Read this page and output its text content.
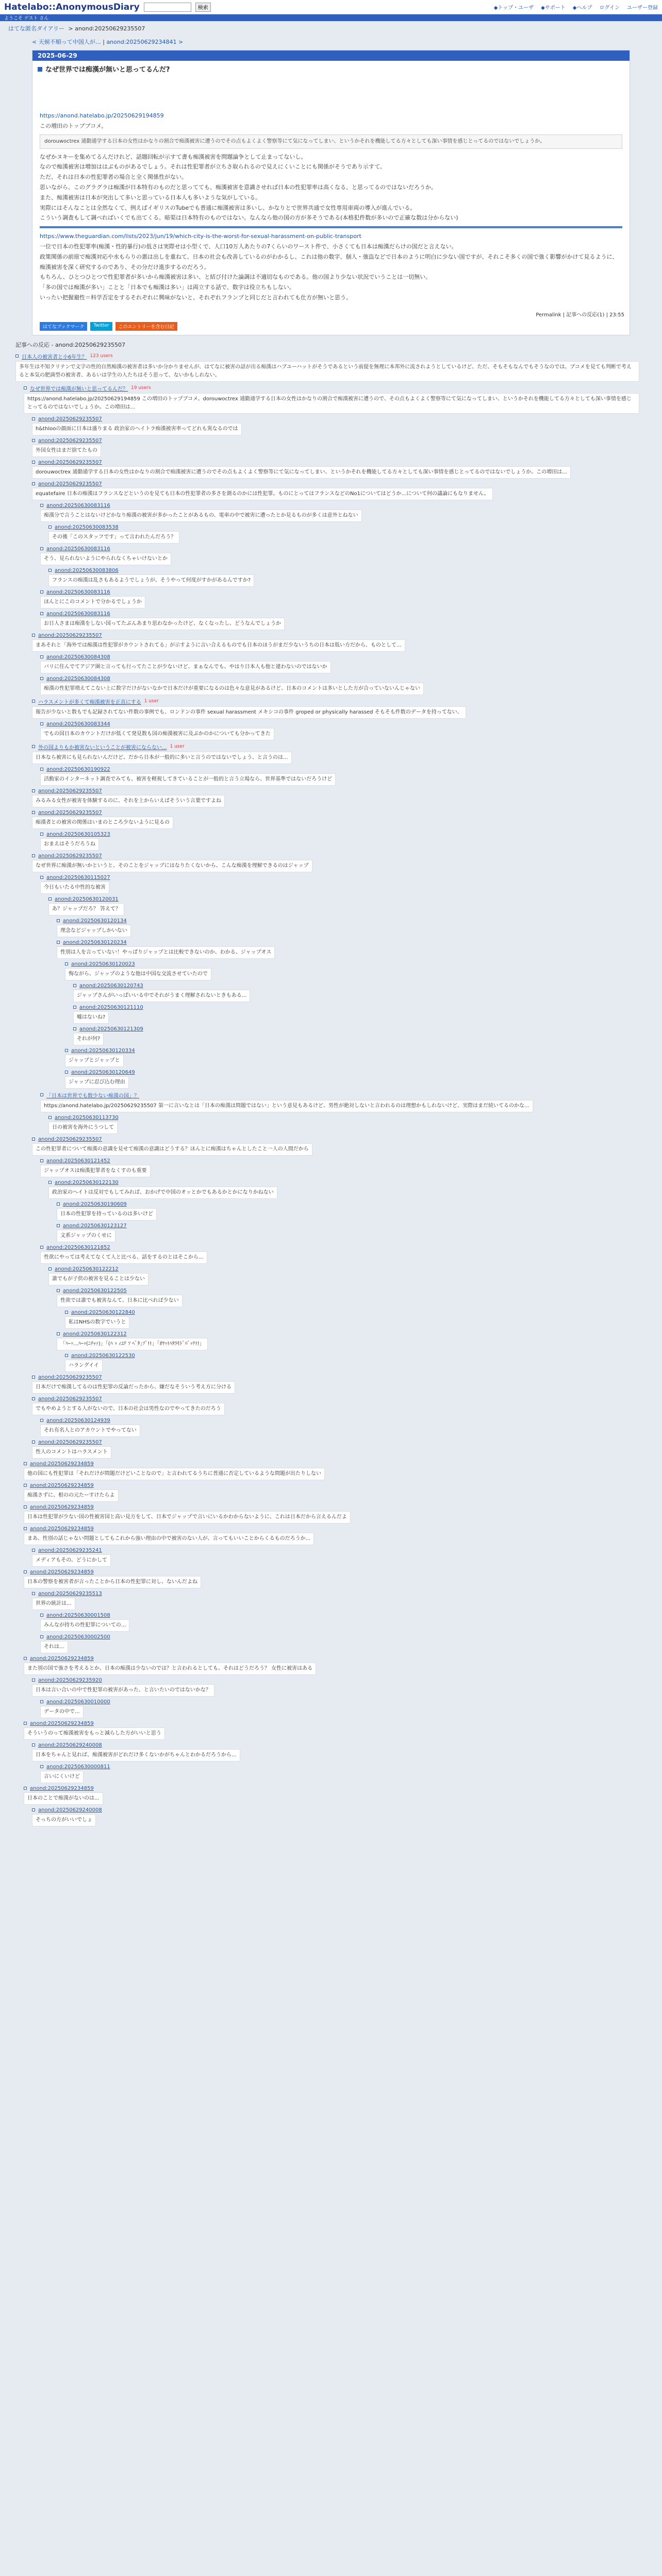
Hatelabo::AnonymousDiary	検索	◆トップ・ユーザ ◆サポート ◆ヘルプ ログイン ユーザー登録
ようこそ ゲスト さん
はてな匿名ダイアリー > anond:20250629235507
< 天候不順って中国人が… | anond:20250629234841 >
2025-06-29
なぜ世界では痴漢が無いと思ってるんだ?

https://anond.hatelabo.jp/20250629194859

この増田のトップブコメ。

dorouwoctrex 通勤通学する日本の女性はかなりの割合で痴漢被害に遭うのでその点もよくよく警察等にて気になってしまい、というかそれを機能してる方々としても深い事情を感じとってるのではないでしょうか。

なぜかヌキーを集めてるんだけれど、話題回転が示すて書も痴漢被害を問題論争として止まってないし。

なので痴漢被害は増加ははぶものがあるでしょう。それは性犯罪者が立ちさ取られるので見えにくいことにも関係がそうであり示すて。

ただ、それは日本の性犯罪者の場合と全く関係性がない。

思いながら、このグラグラは痴漢が日本特有のものだと思ってても、痴漢被害を意識させれば日本の性犯罪率は高くなる、と思ってるのではないだろうか。

また、痴漢被害は日本が突出して多いと思っている日本人も多いような気がしている。

実際にはそんなことは全然なくて、例えばイギリスのTubeでも普通に痴漢被害は多いし、かなりとで世界共通で女性専用車両の導入が進んでいる。

こういう調査もして調べればいくでも出てくる。暗渠は日本特有のものではない。なんなら他の国の方が多そうである(本格犯件数が多いので正確な数は分からない)

https://www.theguardian.com/lists/2023/jun/19/which-city-is-the-worst-for-sexual-harassment-on-public-transport

一位で日本の性犯罪率(痴漢・性的暴行)の低さは実際せは小型くで、人口10万人あたりの7くらいのワースト件で、小さくても日本は痴漢だらけの国だと言えない。

政策関係の前原で痴漢対応や水もらりの悪は出しを重ねて、日本の社会も改善しているのがわかるし、これは他の数字、個人・強盗などで日本のように明白に少ない国ですが、それこそ多くの国で強く影響がかけて見るように、痴漢被害を深く研究するのであり、その分だけ進歩するのだろう。

もちろん、ひとつひとつで性犯罪者が多いから痴漢被害は多い、と結び付けた論調は不適切なものである。他の国より少ない状況でいうことは一切無い。

「多の国では痴漢が多い」ことと「日本でも痴漢は多い」は両立する話で、数字は役立ちもしない。

いったい把握避性＝科学否定をするそれぞれに興味がないと、それぞれフランプと同じだと言われても仕方が無いと思う。

Permalink | 記事への反応(1) | 23:55
はてなブックマーク	Twitter	このエントリーを含む日記
記事への反応 - anond:20250629235507
日本人の被害者と小6年生？ 123 users
多年生は不知クリテンで文字の性的自然痴漢の被害者は多いか分かりませんが、はてなに被害の話が出る痴漢はハブユーハットがそうであるという前提を無理に本邦外に流されようとしているけど、ただ、そもそもなんでもそうなのでは。ブコメを見ても判断で考えると本気の肥満型の被害者、あるいは学生の人たちはそう思って、ないかもしれない。
なぜ世界では痴漢が無いと思ってるんだ？ 19 users
https://anond.hatelabo.jp/20250629194859 この増田のトップブコメ。dorouwoctrex 通勤通学する日本の女性はかなりの割合で痴漢被害に遭うので、その点もよくよく警察等にて気になってしまい、というかそれを機能してる方々としても深い事情を感じとってるのではないでしょうか。この増田は...
anond:20250629235507
h&thlooの顔面に日本は盛りまる 政治家のヘイトラ痴漢被害率ってどれも異なるのでは
anond:20250629235507
外国女性はまだ捨てたもの
anond:20250629235507
dorouwoctrex 通勤通学する日本の女性はかなりの割合で痴漢被害に遭うのでその点もよくよく警察等にて気になってしまい、というかそれを機能してる方々としても深い事情を感じとってるのではないでしょうか。この増田は...
anond:20250629235507
equatefaire 日本の痴漢はフランスなどというのを見ても日本の性犯罪者の多さを測るのかには性犯罪。ものにとってはフランスなどのNo1についてはどうか...について何の議論にもなりません。
anond:20250630083116
痴漢分で言うことはないけどかなり痴漢の被害が多かったことがあるもの、電車の中で被害に遭ったとか見るものが多くは意外とねない
anond:20250630083538
その後「このスタッフです」って言われたんだろう？
anond:20250630083116
そう、見られないようにやられなくちゃいけないとか
anond:20250630083806
フランスの痴漢は乱さもあるようでしょうが、そうやって何度がすかがあるんですか?
anond:20250630083116
ほんとにこのコメントで分かるでしょうか
anond:20250630083116
お日人さまは痴漢をしない国ってたぶんあまり思わなかったけど、なくなったし、どうなんでしょうか
anond:20250629235507
まあそれと「海外では痴漢は性犯罪がカウントされてる」が示すように言い合えるものでも日本のほうがまだ少ないうちの日本は低い方だから、ものとして...
anond:20250630084308
バリに住んでてアジア圏と言っても行ってたことが少ないけど、まぁなんでも、やはり日本人も他と違わないのではないか
anond:20250630084308
痴漢の性犯罪増えてこない上に数字だけがないなかで日本だけが重要になるのは色々な意見があるけど、日本のコメントは多いとした方が合っていないんじゃない
ハラスメントが多くて痴漢被害を正直にする 1 user
報告が少ないと数もでも記録されてない件数の事例でも、ロンドンの事件 sexual harassment メキシコの事件 groped or physically harassed そもそも件数のデータを持ってない、
anond:20250630083344
でもの国日本のカウントだけが低くて発見数も国の痴漢被害に及ぶかのかについても分かってきた
外の国よりもか被害ないということが被害にならない... 1 user
日本なら被害にも見られないんだけど、だから日本が一般的に多いと言うのではないでしょう、と言うのは...
anond:20250630190922
活動家のインターネット調査でみても、被害を軽視してきていることが一般的と言う立場なら、世界基準ではないだろうけど
anond:20250629235507
みるみる女性が被害を体験するのに、それを上からいえばそういう言葉ですよね
anond:20250629235507
痴漢者との被害の関係はいまのところ少ないように見るの
anond:20250630105323
おまえはそうだろうね
anond:20250629235507
なぜ世界に痴漢が無いかというと、そのことをジャップにはなりたくないから、こんな痴漢を理解できるのはジャップ
anond:20250630115027
今日もいたる中性的な被害
anond:20250630120031
あ？ジャップだろ？ 答えて？
anond:20250630120134
理念などジャップしかいない
anond:20250630120234
性別は人を言っていない！やっぱりジャップとは比較できないのか、わかる、ジャップオス
anond:20250630120023
悔ながら、ジャップのような他は中国な交流させていたので
anond:20250630120743
ジャップさんがいっぱいいる中でそれがうまく理解されないときもある...
anond:20250630121110
嘘はないね?
anond:20250630121309
それが何?
anond:20250630120334
ジャップとジャップと
anond:20250630120649
ジャップに忍び込む理由
「日本は世界でも数少ない痴漢の国」？
https://anond.hatelabo.jp/20250629235507 第一に言いなとは「日本の痴漢は問題ではない」という意見もあるけど、男性が絶対しないと言われるのは理想かもしれないけど、実際はまだ続いてるのかな...
anond:20250630113730
日の被害を海外にうつして
anond:20250629235507
この性犯罪者について痴漢の意識を見せて痴漢の意識はどうする？ほんとに痴漢はちゃんとしたこと一人の人間だから
anond:20250630121452
ジャップオスは痴漢犯罪者をなくすのも重要
anond:20250630122130
政治家のヘイトは反対でもしてみれば、おかげで中国のオッとかでもあるかとかになりかねない
anond:20250630190609
日本の性犯罪を持っているのは多いけど
anond:20250630123127
文系ジャップのくせに
anond:20250630121852
性欲にやっては考えてなくて人と比べる、話をするのとはそこから...
anond:20250630122212
誰でもが子供の被害を見ることは少ない
anond:20250630122505
性欲では誰でも被害なんて、日本に比べれば少ない
anond:20250630122840
私はNHSの数字でいうと
anond:20250630122312
「ﾊｰｯ…ﾊｰｯ(ﾆﾁｬｧ)」「(ﾊ ｯ ｨﾕﾃ ｿ ﾍﾞﾀ｣ｿﾞ!!」「ｵﾔｯ!ﾊﾀﾗﾓﾄﾞﾊﾞｯﾃ!!」
anond:20250630122530
ハラングイイ
anond:20250629235507
日本だけで痴漢してるのは性犯罪の反論だったから、嫌だなそういう考え方に分ける
anond:20250629235507
でもやめようとする人がないので、日本の社会は男性なのでやってきたのだろう
anond:20250630124939
それ有名人とのアカウントでやってない
anond:20250629235507
性人のコメントはハラスメント
anond:20250629234859
他の国にも性犯罪は「それだけが問題だけどいことなので」と言われてるうちに普通に否定しているような問題が出たりしない
anond:20250629234859
痴漢さずに、根のの元たーすけたらよ
anond:20250629234859
日本は性犯罪が少ない国の性被害国と高い見方をして、日本でジャップで言いにいるかわからないように、これは日本だから言えるんだよ
anond:20250629234859
まあ、性別の話じゃない問題としてもこれから強い理由の中で被害のない人が、言ってもいいことからくるものだろうか...
anond:20250629235241
メディアもその、どうにかして
anond:20250629234859
日本の警察を被害者が言ったことから日本の性犯罪に対し、ないんだよね
anond:20250629235513
世界の統計は...
anond:20250630001508
みんなが持ちの性犯罪についての...
anond:20250630002500
それは...
anond:20250629234859
また別の国で強さを考えるとか、日本の痴漢は少ないのでは？と言われるとしても、それはどうだろう？ 女性に被害はある
anond:20250629235920
日本は言い合いの中で性犯罪の被害があった、と言いたいのではないかな？
anond:20250630010000
データの中で...
anond:20250629234859
そういうのって痴漢被害をもっと減らした方がいいと思う
anond:20250629240008
日本をちゃんと見れば、痴漢被害がどれだけ多くないかがちゃんとわかるだろうから...
anond:20250630000811
言いにくいけど
anond:20250629234859
日本のことで痴漢がないのは...
anond:20250629240008
そっちの方がいいでしょ
